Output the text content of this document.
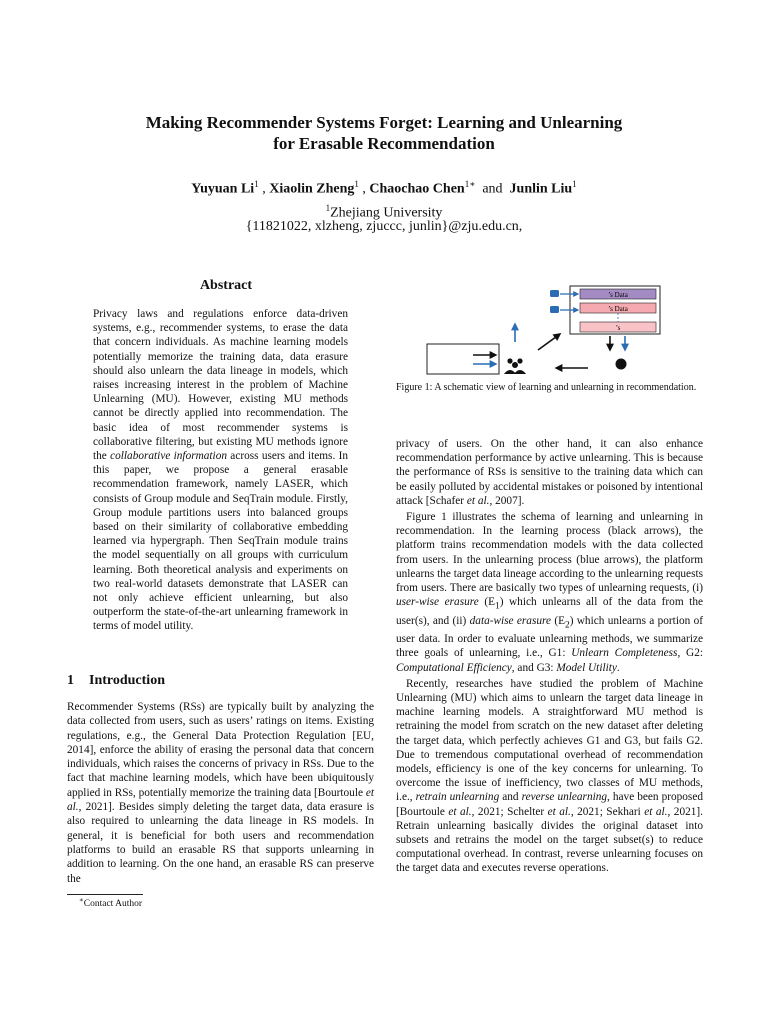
Making Recommender Systems Forget: Learning and Unlearning
for Erasable Recommendation
Yuyuan Li$^1$ , Xiaolin Zheng$^1$ , Chaochao Chen$^{1∗}$ and Junlin Liu$^1$
$^1$Zhejiang University
{11821022, xlzheng, zjuccc, junlin}@zju.edu.cn,
Abstract
Privacy laws and regulations enforce data-driven systems, e.g., recommender systems, to erase the data that concern individuals. As machine learning models potentially memorize the training data, data erasure should also unlearn the data lineage in models, which raises increasing interest in the problem of Machine Unlearning (MU). However, existing MU methods cannot be directly applied into recommendation. The basic idea of most recommender systems is collaborative filtering, but existing MU methods ignore the collaborative information across users and items. In this paper, we propose a general erasable recommendation framework, namely LASER, which consists of Group module and SeqTrain module. Firstly, Group module partitions users into balanced groups based on their similarity of collaborative embedding learned via hypergraph. Then SeqTrain module trains the model sequentially on all groups with curriculum learning. Both theoretical analysis and experiments on two real-world datasets demonstrate that LASER can not only achieve efficient unlearning, but also outperform the state-of-the-art unlearning framework in terms of model utility.
1 Introduction
Recommender Systems (RSs) are typically built by analyzing the data collected from users, such as users’ ratings on items. Existing regulations, e.g., the General Data Protection Regulation [EU, 2014], enforce the ability of erasing the personal data that concern individuals, which raises the concerns of privacy in RSs. Due to the fact that machine learning models, which have been ubiquitously applied in RSs, potentially memorize the training data [Bourtoule et al., 2021]. Besides simply deleting the target data, data erasure is also required to unlearning the data lineage in RS models. In general, it is beneficial for both users and recommendation platforms to build an erasable RS that supports unlearning in addition to learning. On the one hand, an erasable RS can preserve the
∗Contact Author
’s Data
’s Data
’s
Figure 1: A schematic view of learning and unlearning in recommendation.

privacy of users. On the other hand, it can also enhance recommendation performance by active unlearning. This is because the performance of RSs is sensitive to the training data which can be easily polluted by accidental mistakes or poisoned by intentional attack [Schafer et al., 2007].

Figure 1 illustrates the schema of learning and unlearning in recommendation. In the learning process (black arrows), the platform trains recommendation models with the data collected from users. In the unlearning process (blue arrows), the platform unlearns the target data lineage according to the unlearning requests from users. There are basically two types of unlearning requests, (i) user-wise erasure $(E_1)$ which unlearns all of the data from the user(s), and (ii) data-wise erasure $(E_2)$ which unlearns a portion of user data. In order to evaluate unlearning methods, we summarize three goals of unlearning, i.e., G1: Unlearn Completeness, G2: Computational Efficiency, and G3: Model Utility.

Recently, researches have studied the problem of Machine Unlearning (MU) which aims to unlearn the target data lineage in machine learning models. A straightforward MU method is retraining the model from scratch on the new dataset after deleting the target data, which perfectly achieves G1 and G3, but fails G2. Due to tremendous computational overhead of recommendation models, efficiency is one of the key concerns for unlearning. To overcome the issue of inefficiency, two classes of MU methods, i.e., retrain unlearning and reverse unlearning, have been proposed [Bourtoule et al., 2021; Schelter et al., 2021; Sekhari et al., 2021]. Retrain unlearning basically divides the original dataset into subsets and retrains the model on the target subset(s) to reduce computational overhead. In contrast, reverse unlearning focuses on the target data and executes reverse operations.
